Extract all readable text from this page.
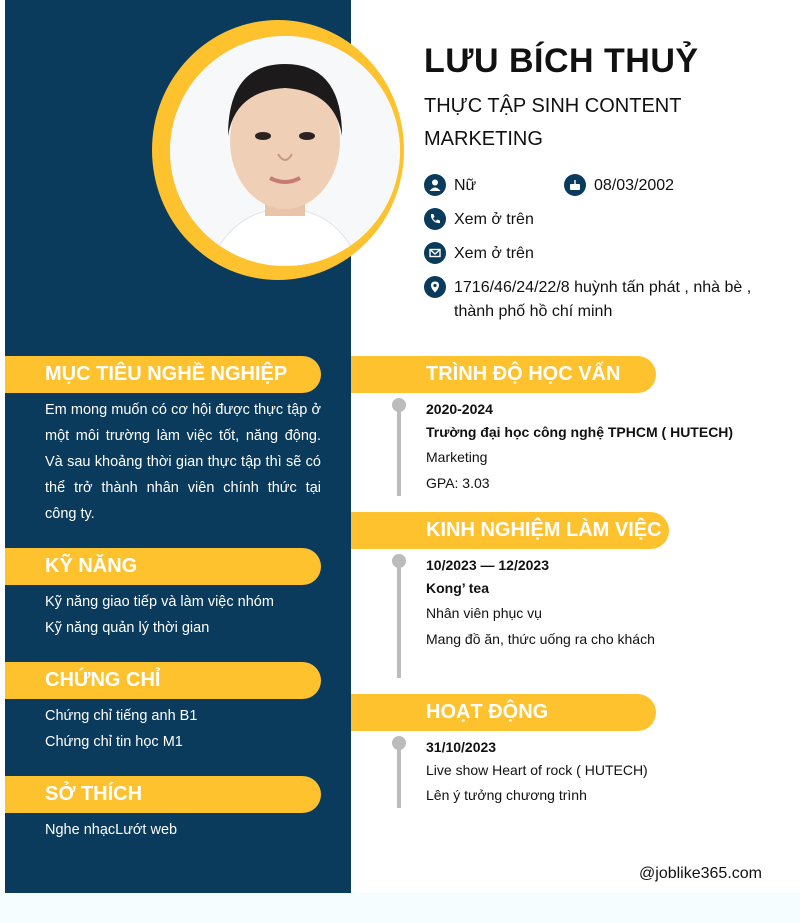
LƯU BÍCH THUỶ
THỰC TẬP SINH CONTENT MARKETING
Nữ	08/03/2002
Xem ở trên
Xem ở trên
1716/46/24/22/8 huỳnh tấn phát , nhà bè ,
thành phố hồ chí minh
MỤC TIÊU NGHỀ NGHIỆP
Em mong muốn có cơ hội được thực tập ở một môi trường làm việc tốt, năng động. Và sau khoảng thời gian thực tập thì sẽ có thể trở thành nhân viên chính thức tại công ty.
KỸ NĂNG
Kỹ năng giao tiếp và làm việc nhóm
Kỹ năng quản lý thời gian
CHỨNG CHỈ
Chứng chỉ tiếng anh B1
Chứng chỉ tin học M1
SỞ THÍCH
Nghe nhạcLướt web
TRÌNH ĐỘ HỌC VẤN
2020-2024
Trường đại học công nghệ TPHCM ( HUTECH)
Marketing
GPA: 3.03
KINH NGHIỆM LÀM VIỆC
10/2023 — 12/2023
Kong’ tea
Nhân viên phục vụ
Mang đồ ăn, thức uống ra cho khách
HOẠT ĐỘNG
31/10/2023
Live show Heart of rock ( HUTECH)
Lên ý tưởng chương trình
@joblike365.com
